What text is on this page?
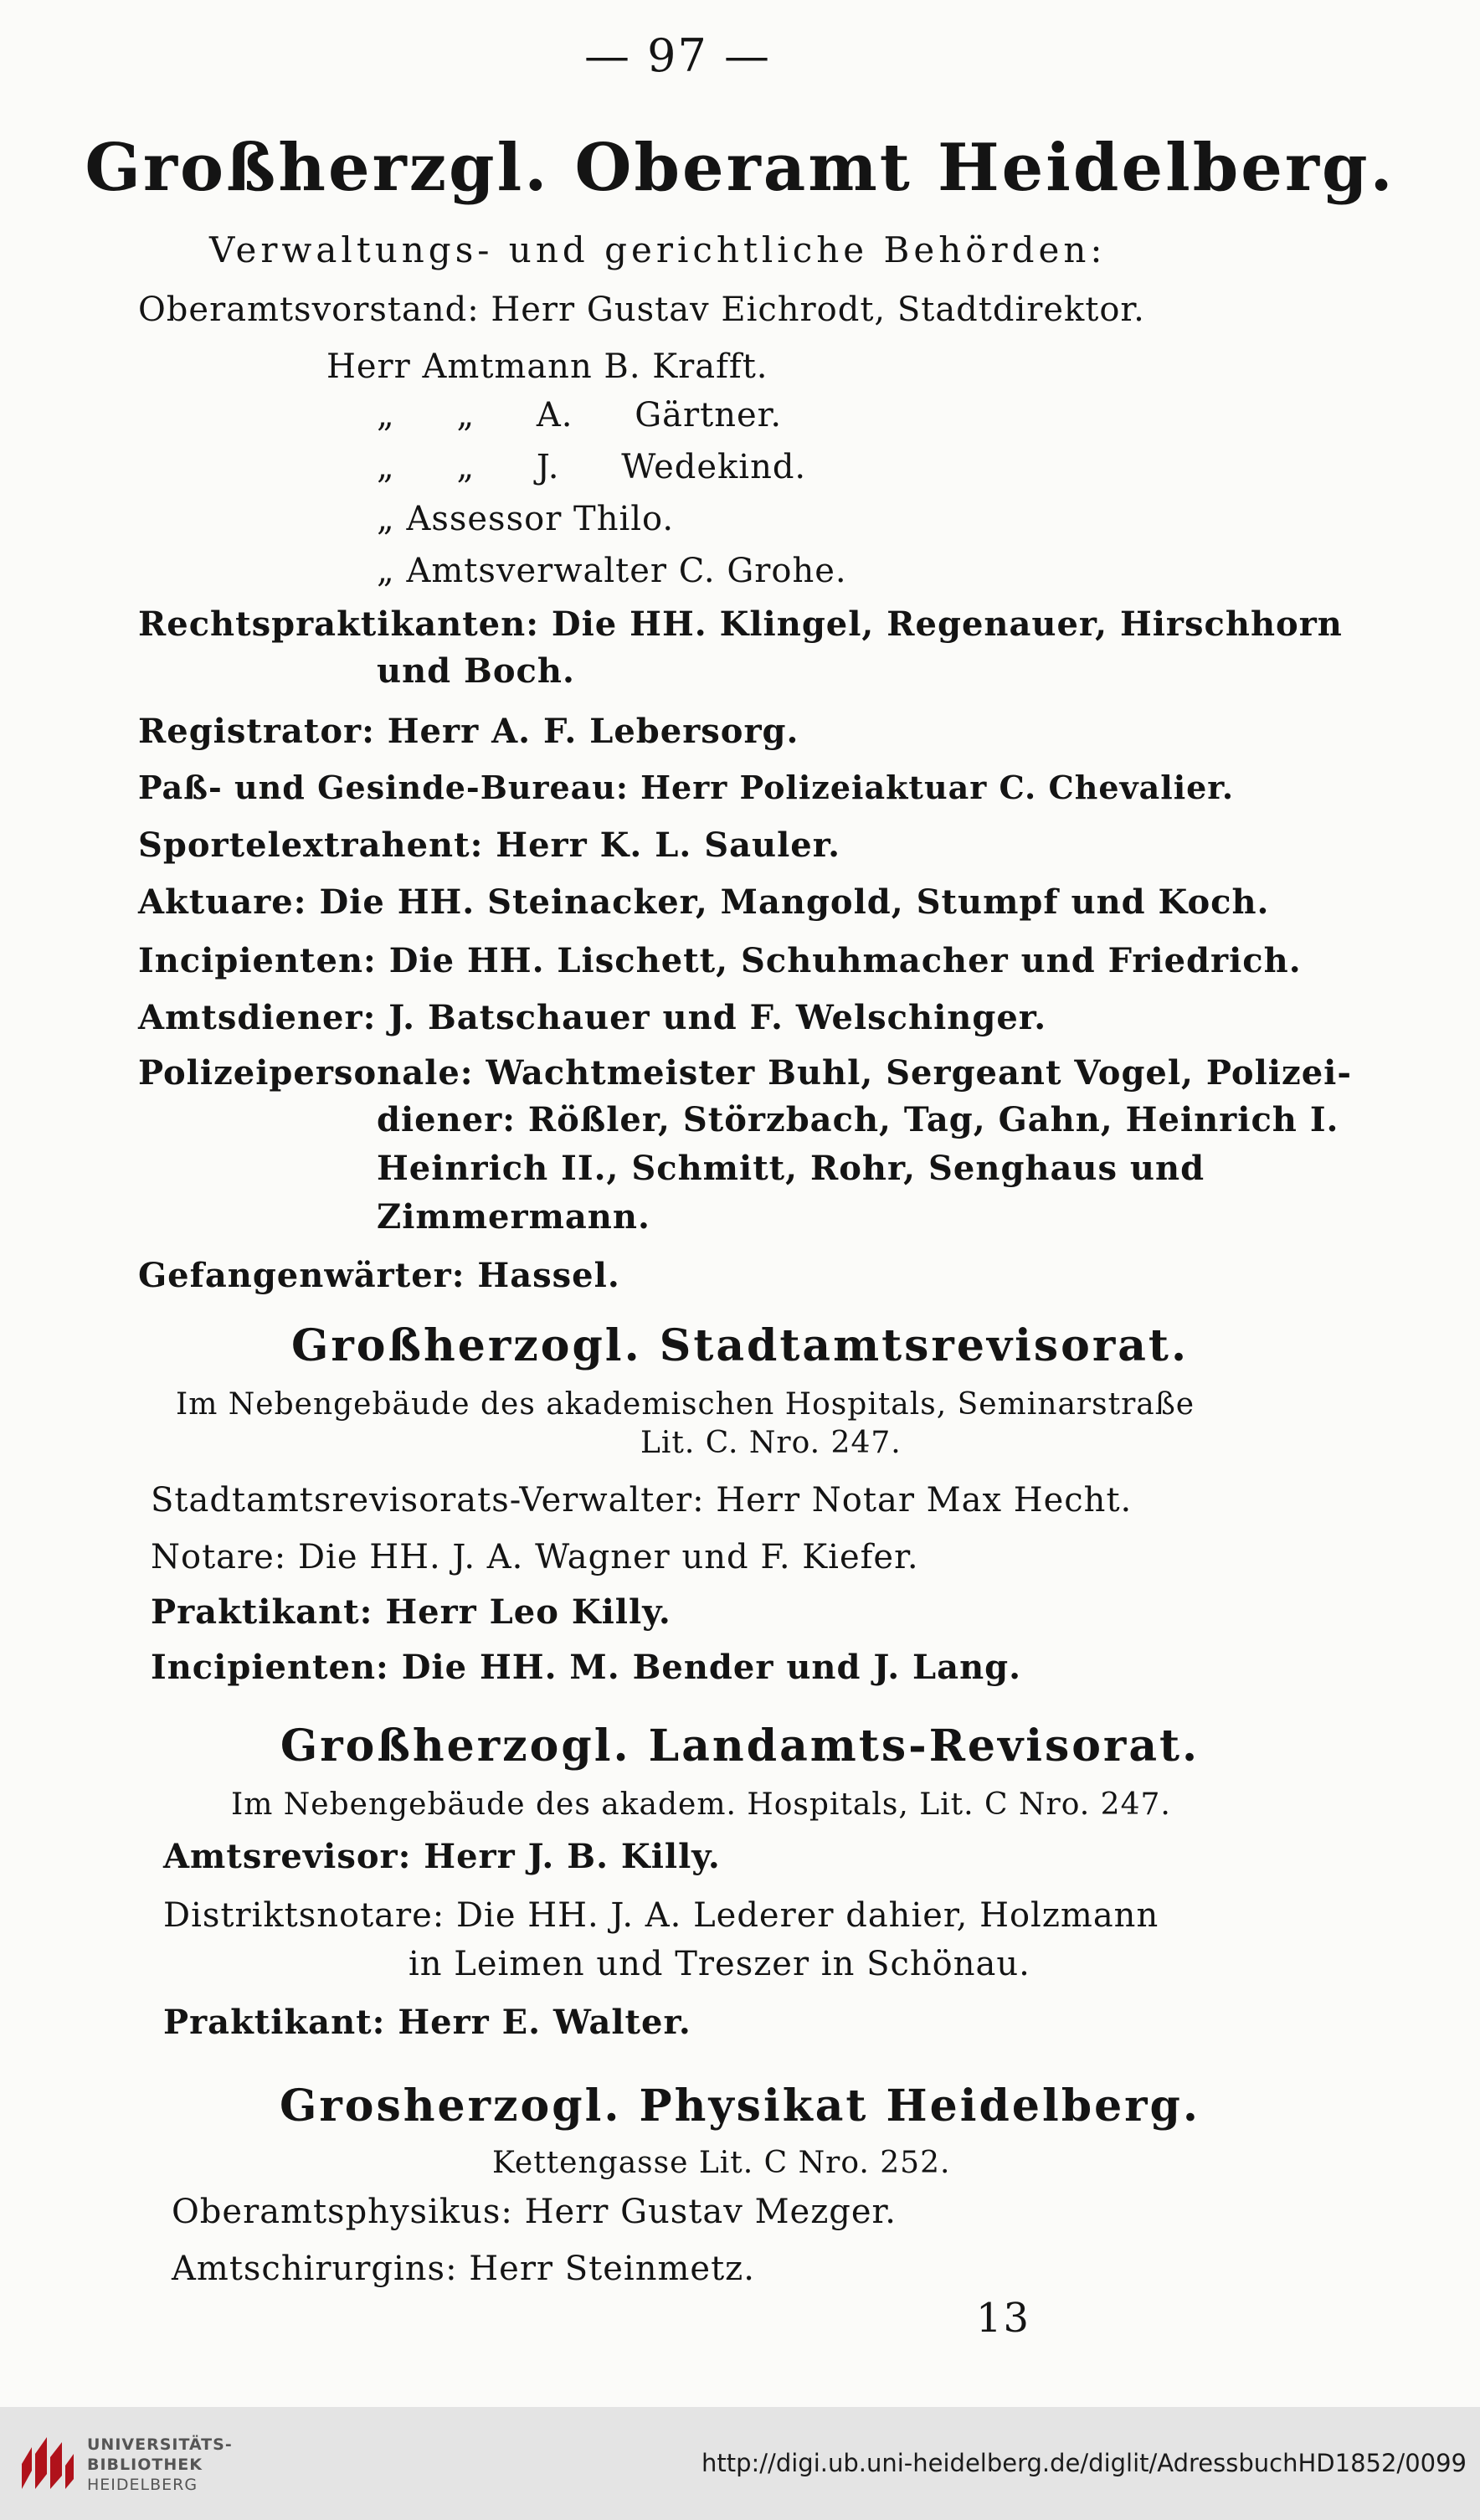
— 97 —
Großherzgl. Oberamt Heidelberg.
Verwaltungs- und gerichtliche Behörden:
Oberamtsvorstand: Herr Gustav Eichrodt, Stadtdirektor.
Herr Amtmann B. Krafft.
„ „ A. Gärtner.
„ „ J. Wedekind.
„ Assessor Thilo.
„ Amtsverwalter C. Grohe.
Rechtspraktikanten: Die HH. Klingel, Regenauer, Hirschhorn
und Boch.
Registrator: Herr A. F. Lebersorg.
Paß- und Gesinde-Bureau: Herr Polizeiaktuar C. Chevalier.
Sportelextrahent: Herr K. L. Sauler.
Aktuare: Die HH. Steinacker, Mangold, Stumpf und Koch.
Incipienten: Die HH. Lischett, Schuhmacher und Friedrich.
Amtsdiener: J. Batschauer und F. Welschinger.
Polizeipersonale: Wachtmeister Buhl, Sergeant Vogel, Polizei-
diener: Rößler, Störzbach, Tag, Gahn, Heinrich I.
Heinrich II., Schmitt, Rohr, Senghaus und
Zimmermann.
Gefangenwärter: Hassel.
Großherzogl. Stadtamtsrevisorat.
Im Nebengebäude des akademischen Hospitals, Seminarstraße
Lit. C. Nro. 247.
Stadtamtsrevisorats-Verwalter: Herr Notar Max Hecht.
Notare: Die HH. J. A. Wagner und F. Kiefer.
Praktikant: Herr Leo Killy.
Incipienten: Die HH. M. Bender und J. Lang.
Großherzogl. Landamts-Revisorat.
Im Nebengebäude des akadem. Hospitals, Lit. C Nro. 247.
Amtsrevisor: Herr J. B. Killy.
Distriktsnotare: Die HH. J. A. Lederer dahier, Holzmann
in Leimen und Treszer in Schönau.
Praktikant: Herr E. Walter.
Grosherzogl. Physikat Heidelberg.
Kettengasse Lit. C Nro. 252.
Oberamtsphysikus: Herr Gustav Mezger.
Amtschirurgins: Herr Steinmetz.
13
UNIVERSITÄTS-
BIBLIOTHEK
HEIDELBERG
http://digi.ub.uni-heidelberg.de/diglit/AdressbuchHD1852/0099
